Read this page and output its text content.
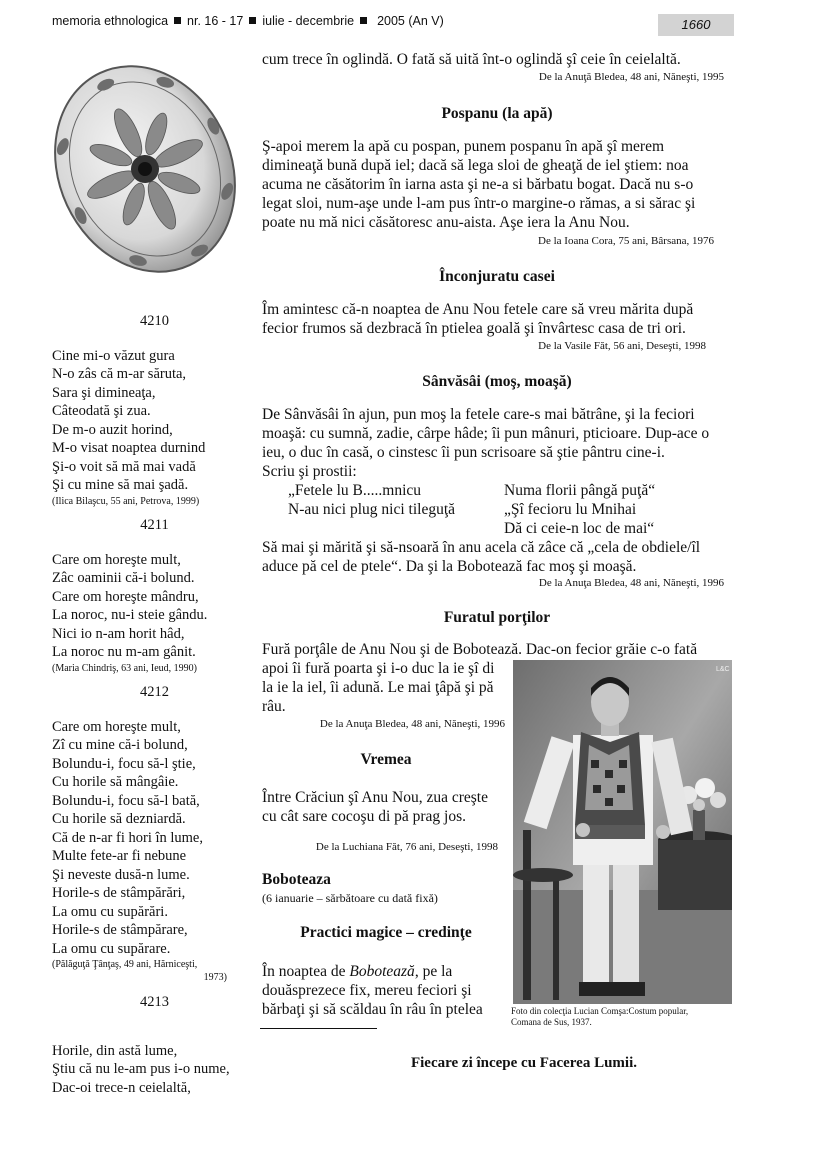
memoria ethnologica nr. 16 - 17 iulie - decembrie 2005 (An V)	1660
4210
Cine mi-o văzut gura
N-o zâs că m-ar săruta,
Sara şi dimineaţa,
Câteodată şi zua.
De m-o auzit horind,
M-o visat noaptea durnind
Şi-o voit să mă mai vadă
Şi cu mine să mai şadă.
(Ilica Bilaşcu, 55 ani, Petrova, 1999)
4211
Care om horeşte mult,
Zâc oaminii că-i bolund.
Care om horeşte mândru,
La noroc, nu-i steie gându.
Nici io n-am horit hâd,
La noroc nu m-am gânit.
(Maria Chindriş, 63 ani, Ieud, 1990)
4212
Care om horeşte mult,
Zî cu mine că-i bolund,
Bolundu-i, focu să-l ştie,
Cu horile să mângâie.
Bolundu-i, focu să-l bată,
Cu horile să dezniardă.
Că de n-ar fi hori în lume,
Multe fete-ar fi nebune
Şi neveste dusă-n lume.
Horile-s de stâmpărări,
La omu cu supărări.
Horile-s de stâmpărare,
La omu cu supărare.
(Pălăguţă Ţânţaş, 49 ani, Hărniceşti,
1973)
4213
Horile, din astă lume,
Ştiu că nu le-am pus i-o nume,
Dac-oi trece-n ceielaltă,
cum trece în oglindă. O fată să uită înt-o oglindă şî ceie în ceielaltă.
De la Anuţă Bledea, 48 ani, Năneşti, 1995
Pospanu (la apă)
Ş-apoi merem la apă cu pospan, punem pospanu în apă şî merem
dimineaţă bună după iel; dacă să lega sloi de gheaţă de iel ştiem: noa
acuma ne căsătorim în iarna asta şi ne-a si bărbatu bogat. Dacă nu s-o
legat sloi, num-aşe unde l-am pus într-o margine-o rămas, a si sărac şi
poate nu mă nici căsătoresc anu-aista. Aşe iera la Anu Nou.
De la Ioana Cora, 75 ani, Bârsana, 1976
Înconjuratu casei
Îm amintesc că-n noaptea de Anu Nou fetele care să vreu mărita după
fecior frumos să dezbracă în ptielea goală şi învârtesc casa de tri ori.
De la Vasile Făt, 56 ani, Deseşti, 1998
Sânvăsâi (moş, moaşă)
De Sânvăsâi în ajun, pun moş la fetele care-s mai bătrâne, şi la feciori
moaşă: cu sumnă, zadie, cârpe hâde; îi pun mânuri, pticioare. Dup-ace o
ieu, o duc în casă, o cinstesc îi pun scrisoare să ştie pântru cine-i.
Scriu şi prostii:
„Fetele lu B.....mnicu
N-au nici plug nici tileguţă
Numa florii pângă puţă“
„Şî fecioru lu Mnihai
Dă ci ceie-n loc de mai“
Să mai şi mărită şi să-nsoară în anu acela că zâce că „cela de obdiele/îl
aduce pă cel de ptele“. Da şi la Bobotează fac moş şi moaşă.
De la Anuţa Bledea, 48 ani, Năneşti, 1996
Furatul porţilor
Fură porţâle de Anu Nou şi de Bobotează. Dac-on fecior grăie c-o fată
apoi îi fură poarta şi i-o duc la ie şî di
la ie la iel, îi adună. Le mai ţâpă şi pă
râu.
De la Anuţa Bledea, 48 ani, Năneşti, 1996
Vremea
Între Crăciun şî Anu Nou, zua creşte
cu cât sare cocoşu di pă prag jos.
De la Luchiana Făt, 76 ani, Deseşti, 1998
Boboteaza
(6 ianuarie – sărbătoare cu dată fixă)
Practici magice – credinţe
În noaptea de Bobotează, pe la
douăsprezece fix, mereu feciori şi
bărbaţi şi să scăldau în râu în ptelea
L&C
Foto din colecţia Lucian Comşa:Costum popular,
Comana de Sus, 1937.
Fiecare zi începe cu Facerea Lumii.
